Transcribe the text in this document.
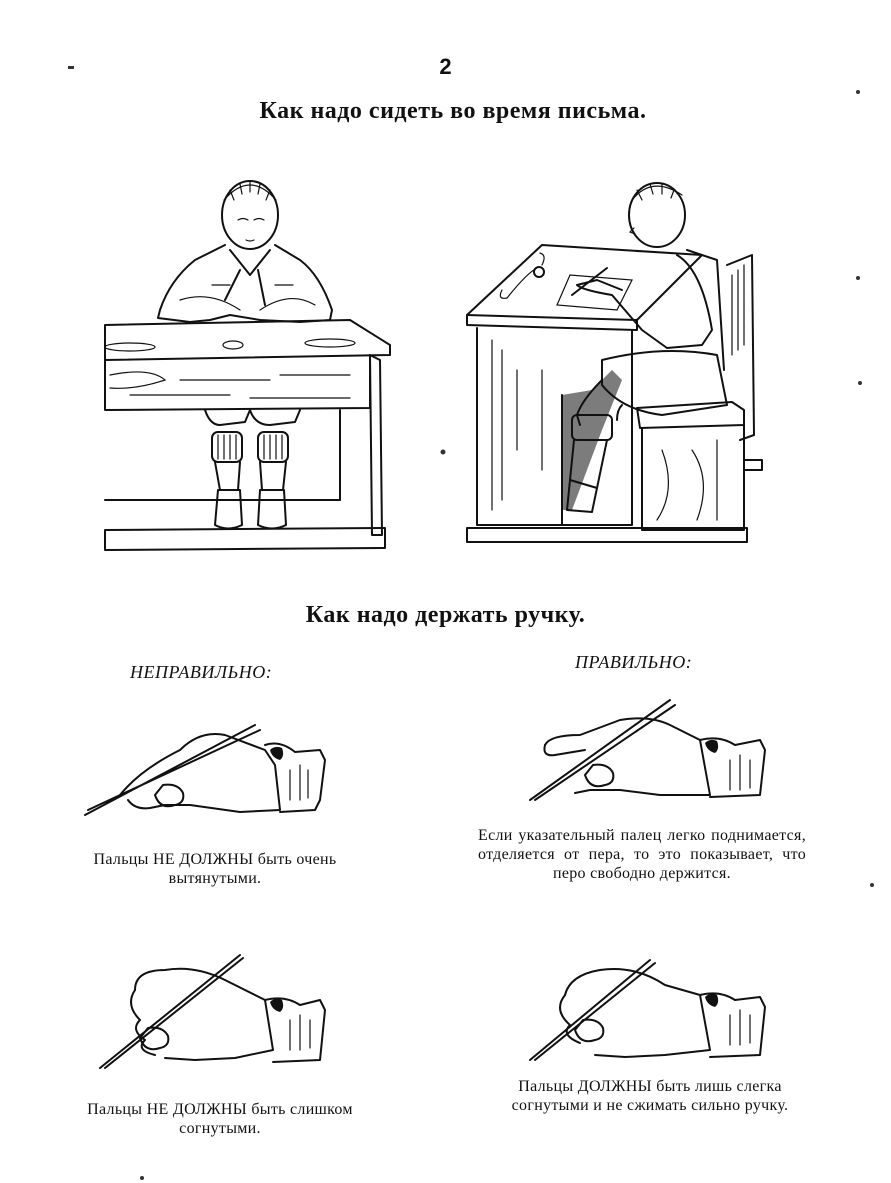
2
Как надо сидеть во время письма.
Как надо держать ручку.
НЕПРАВИЛЬНО:	ПРАВИЛЬНО:
Пальцы НЕ ДОЛЖНЫ быть очень вытянутыми.
Если указательный палец легко поднимается, отделяется от пера, то это показывает, что перо свободно держится.
Пальцы НЕ ДОЛЖНЫ быть слишком согнутыми.
Пальцы ДОЛЖНЫ быть лишь слегка согнутыми и не сжимать сильно ручку.
